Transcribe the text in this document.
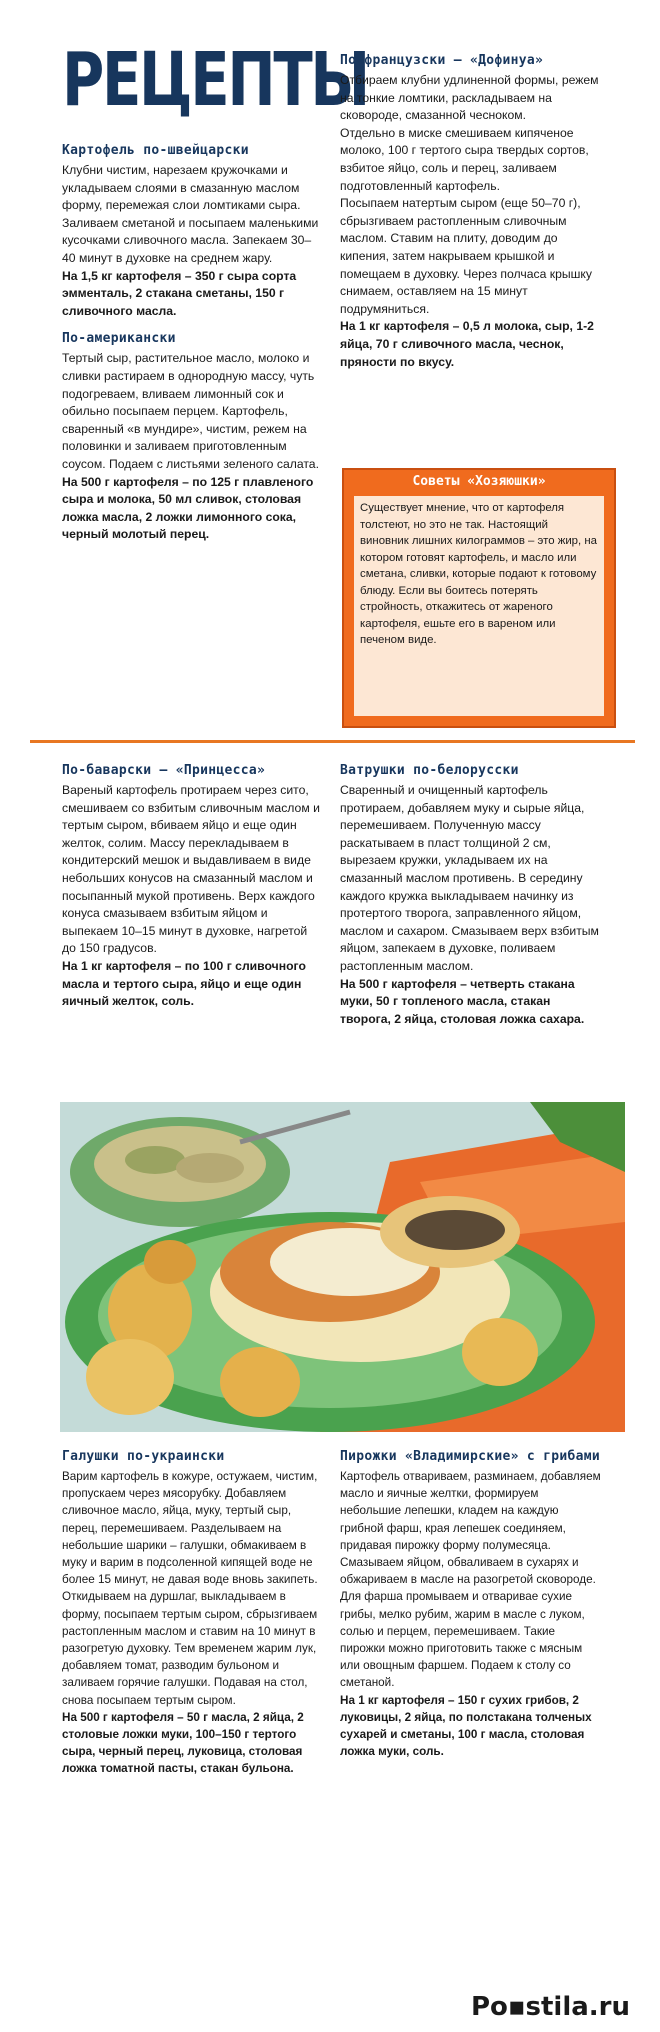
РЕЦЕПТЫ
Картофель по-швейцарски

Клубни чистим, нарезаем кружочками и укладываем слоями в смазанную маслом форму, перемежая слои ломтиками сыра. Заливаем сметаной и посыпаем маленькими кусочками сливочного масла. Запекаем 30–40 минут в духовке на среднем жару.

На 1,5 кг картофеля – 350 г сыра сорта эмменталь, 2 стакана сметаны, 150 г сливочного масла.

По-американски

Тертый сыр, растительное масло, молоко и сливки растираем в однородную массу, чуть подогреваем, вливаем лимонный сок и обильно посыпаем перцем. Картофель, сваренный «в мундире», чистим, режем на половинки и заливаем приготовленным соусом. Подаем с листьями зеленого салата.

На 500 г картофеля – по 125 г плавленого сыра и молока, 50 мл сливок, столовая ложка масла, 2 ложки лимонного сока, черный молотый перец.

По-французски – «Дофинуа»

Отбираем клубни удлиненной формы, режем на тонкие ломтики, раскладываем на сковороде, смазанной чесноком.

Отдельно в миске смешиваем кипяченое молоко, 100 г тертого сыра твердых сортов, взбитое яйцо, соль и перец, заливаем подготовленный картофель.

Посыпаем натертым сыром (еще 50–70 г), сбрызгиваем растопленным сливочным маслом. Ставим на плиту, доводим до кипения, затем накрываем крышкой и помещаем в духовку. Через полчаса крышку снимаем, оставляем на 15 минут подрумяниться.

На 1 кг картофеля – 0,5 л молока, сыр, 1-2 яйца, 70 г сливочного масла, чеснок, пряности по вкусу.

Советы «Хозяюшки»
Существует мнение, что от картофеля толстеют, но это не так. Настоящий виновник лишних килограммов – это жир, на котором готовят картофель, и масло или сметана, сливки, которые подают к готовому блюду. Если вы боитесь потерять стройность, откажитесь от жареного картофеля, ешьте его в вареном или печеном виде.
По-баварски – «Принцесса»

Вареный картофель протираем через сито, смешиваем со взбитым сливочным маслом и тертым сыром, вбиваем яйцо и еще один желток, солим. Массу перекладываем в кондитерский мешок и выдавливаем в виде небольших конусов на смазанный маслом и посыпанный мукой противень. Верх каждого конуса смазываем взбитым яйцом и выпекаем 10–15 минут в духовке, нагретой до 150 градусов.

На 1 кг картофеля – по 100 г сливочного масла и тертого сыра, яйцо и еще один яичный желток, соль.

Ватрушки по-белорусски

Сваренный и очищенный картофель протираем, добавляем муку и сырые яйца, перемешиваем. Полученную массу раскатываем в пласт толщиной 2 см, вырезаем кружки, укладываем их на смазанный маслом противень. В середину каждого кружка выкладываем начинку из протертого творога, заправленного яйцом, маслом и сахаром. Смазываем верх взбитым яйцом, запекаем в духовке, поливаем растопленным маслом.

На 500 г картофеля – четверть стакана муки, 50 г топленого масла, стакан творога, 2 яйца, столовая ложка сахара.

Галушки по-украински

Варим картофель в кожуре, остужаем, чистим, пропускаем через мясорубку. Добавляем сливочное масло, яйца, муку, тертый сыр, перец, перемешиваем. Разделываем на небольшие шарики – галушки, обмакиваем в муку и варим в подсоленной кипящей воде не более 15 минут, не давая воде вновь закипеть. Откидываем на дуршлаг, выкладываем в форму, посыпаем тертым сыром, сбрызгиваем растопленным маслом и ставим на 10 минут в разогретую духовку. Тем временем жарим лук, добавляем томат, разводим бульоном и заливаем горячие галушки. Подавая на стол, снова посыпаем тертым сыром.

На 500 г картофеля – 50 г масла, 2 яйца, 2 столовые ложки муки, 100–150 г тертого сыра, черный перец, луковица, столовая ложка томатной пасты, стакан бульона.

Пирожки «Владимирские» с грибами

Картофель отвариваем, разминаем, добавляем масло и яичные желтки, формируем небольшие лепешки, кладем на каждую грибной фарш, края лепешек соединяем, придавая пирожку форму полумесяца. Смазываем яйцом, обваливаем в сухарях и обжариваем в масле на разогретой сковороде.

Для фарша промываем и отваривае сухие грибы, мелко рубим, жарим в масле с луком, солью и перцем, перемешиваем. Такие пирожки можно приготовить также с мясным или овощным фаршем. Подаем к столу со сметаной.

На 1 кг картофеля – 150 г сухих грибов, 2 луковицы, 2 яйца, по полстакана толченых сухарей и сметаны, 100 г масла, столовая ложка муки, соль.

Po▪stila.ru
